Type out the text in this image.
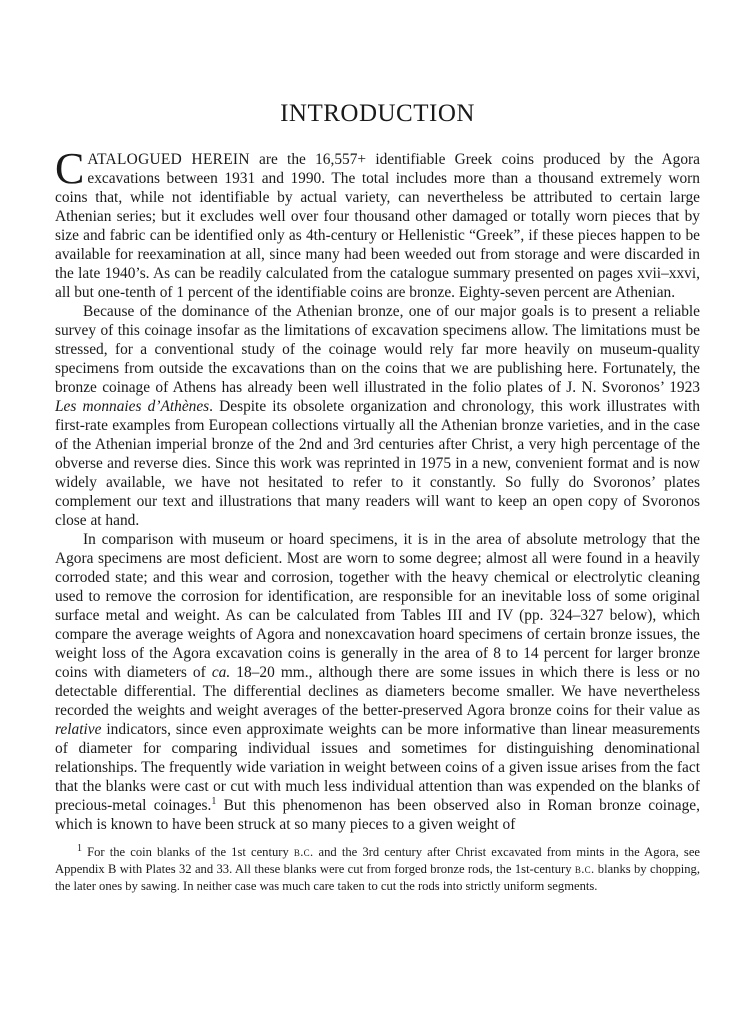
INTRODUCTION

CATALOGUED HEREIN are the 16,557+ identifiable Greek coins produced by the Agora excavations between 1931 and 1990. The total includes more than a thousand extremely worn coins that, while not identifiable by actual variety, can nevertheless be attributed to certain large Athenian series; but it excludes well over four thousand other damaged or totally worn pieces that by size and fabric can be identified only as 4th-century or Hellenistic “Greek”, if these pieces happen to be available for reexamination at all, since many had been weeded out from storage and were discarded in the late 1940’s. As can be readily calculated from the catalogue summary presented on pages xvii–xxvi, all but one-tenth of 1 percent of the identifiable coins are bronze. Eighty-seven percent are Athenian.

Because of the dominance of the Athenian bronze, one of our major goals is to present a reliable survey of this coinage insofar as the limitations of excavation specimens allow. The limitations must be stressed, for a conventional study of the coinage would rely far more heavily on museum-quality specimens from outside the excavations than on the coins that we are publishing here. Fortunately, the bronze coinage of Athens has already been well illustrated in the folio plates of J. N. Svoronos’ 1923 Les monnaies d’Athènes. Despite its obsolete organization and chronology, this work illustrates with first-rate examples from European collections virtually all the Athenian bronze varieties, and in the case of the Athenian imperial bronze of the 2nd and 3rd centuries after Christ, a very high percentage of the obverse and reverse dies. Since this work was reprinted in 1975 in a new, convenient format and is now widely available, we have not hesitated to refer to it constantly. So fully do Svoronos’ plates complement our text and illustrations that many readers will want to keep an open copy of Svoronos close at hand.

In comparison with museum or hoard specimens, it is in the area of absolute metrology that the Agora specimens are most deficient. Most are worn to some degree; almost all were found in a heavily corroded state; and this wear and corrosion, together with the heavy chemical or electrolytic cleaning used to remove the corrosion for identification, are responsible for an inevitable loss of some original surface metal and weight. As can be calculated from Tables III and IV (pp. 324–327 below), which compare the average weights of Agora and nonexcavation hoard specimens of certain bronze issues, the weight loss of the Agora excavation coins is generally in the area of 8 to 14 percent for larger bronze coins with diameters of ca. 18–20 mm., although there are some issues in which there is less or no detectable differential. The differential declines as diameters become smaller. We have nevertheless recorded the weights and weight averages of the better-preserved Agora bronze coins for their value as relative indicators, since even approximate weights can be more informative than linear measurements of diameter for comparing individual issues and sometimes for distinguishing denominational relationships. The frequently wide variation in weight between coins of a given issue arises from the fact that the blanks were cast or cut with much less individual attention than was expended on the blanks of precious-metal coinages.$^1$ But this phenomenon has been observed also in Roman bronze coinage, which is known to have been struck at so many pieces to a given weight of

$^1$ For the coin blanks of the 1st century b.c. and the 3rd century after Christ excavated from mints in the Agora, see Appendix B with Plates 32 and 33. All these blanks were cut from forged bronze rods, the 1st-century b.c. blanks by chopping, the later ones by sawing. In neither case was much care taken to cut the rods into strictly uniform segments.
